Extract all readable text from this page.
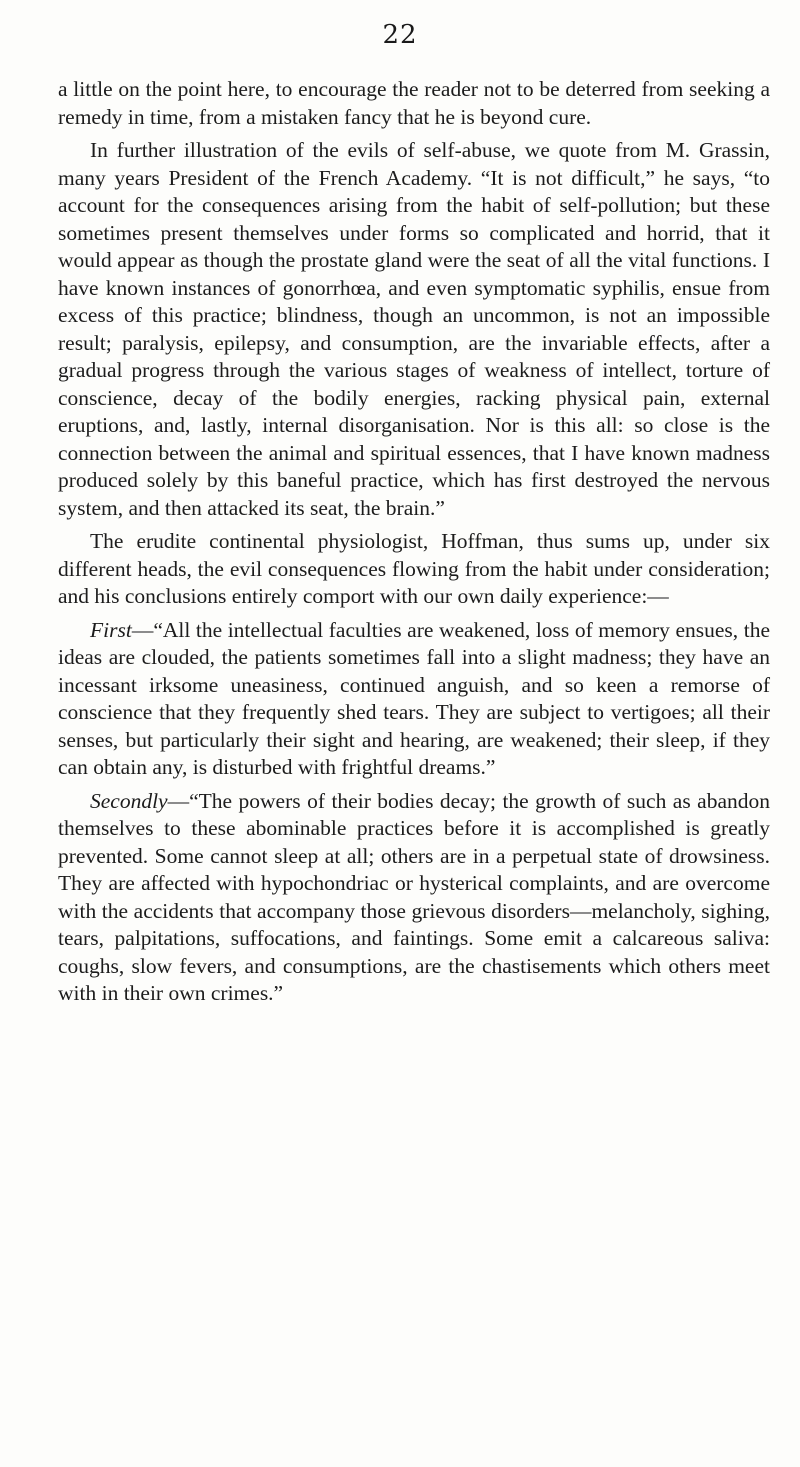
22

a little on the point here, to encourage the reader not to be deterred from seeking a remedy in time, from a mistaken fancy that he is beyond cure.

In further illustration of the evils of self-abuse, we quote from M. Grassin, many years President of the French Academy. “It is not difficult,” he says, “to account for the consequences arising from the habit of self-pollution; but these sometimes present themselves under forms so complicated and horrid, that it would appear as though the prostate gland were the seat of all the vital functions. I have known instances of gonorrhœa, and even symptomatic syphilis, ensue from excess of this practice; blindness, though an uncommon, is not an impossible result; paralysis, epilepsy, and consumption, are the invariable effects, after a gradual progress through the various stages of weakness of intellect, torture of conscience, decay of the bodily energies, racking physical pain, external eruptions, and, lastly, internal disorganisation. Nor is this all: so close is the connection between the animal and spiritual essences, that I have known madness produced solely by this baneful practice, which has first destroyed the nervous system, and then attacked its seat, the brain.”

The erudite continental physiologist, Hoffman, thus sums up, under six different heads, the evil consequences flowing from the habit under consideration; and his conclusions entirely comport with our own daily experience:—

First—“All the intellectual faculties are weakened, loss of memory ensues, the ideas are clouded, the patients sometimes fall into a slight madness; they have an incessant irksome uneasiness, continued anguish, and so keen a remorse of conscience that they frequently shed tears. They are subject to vertigoes; all their senses, but particularly their sight and hearing, are weakened; their sleep, if they can obtain any, is disturbed with frightful dreams.”

Secondly—“The powers of their bodies decay; the growth of such as abandon themselves to these abominable practices before it is accomplished is greatly prevented. Some cannot sleep at all; others are in a perpetual state of drowsiness. They are affected with hypochondriac or hysterical complaints, and are overcome with the accidents that accompany those grievous disorders—melancholy, sighing, tears, palpitations, suffocations, and faintings. Some emit a calcareous saliva: coughs, slow fevers, and consumptions, are the chastisements which others meet with in their own crimes.”
